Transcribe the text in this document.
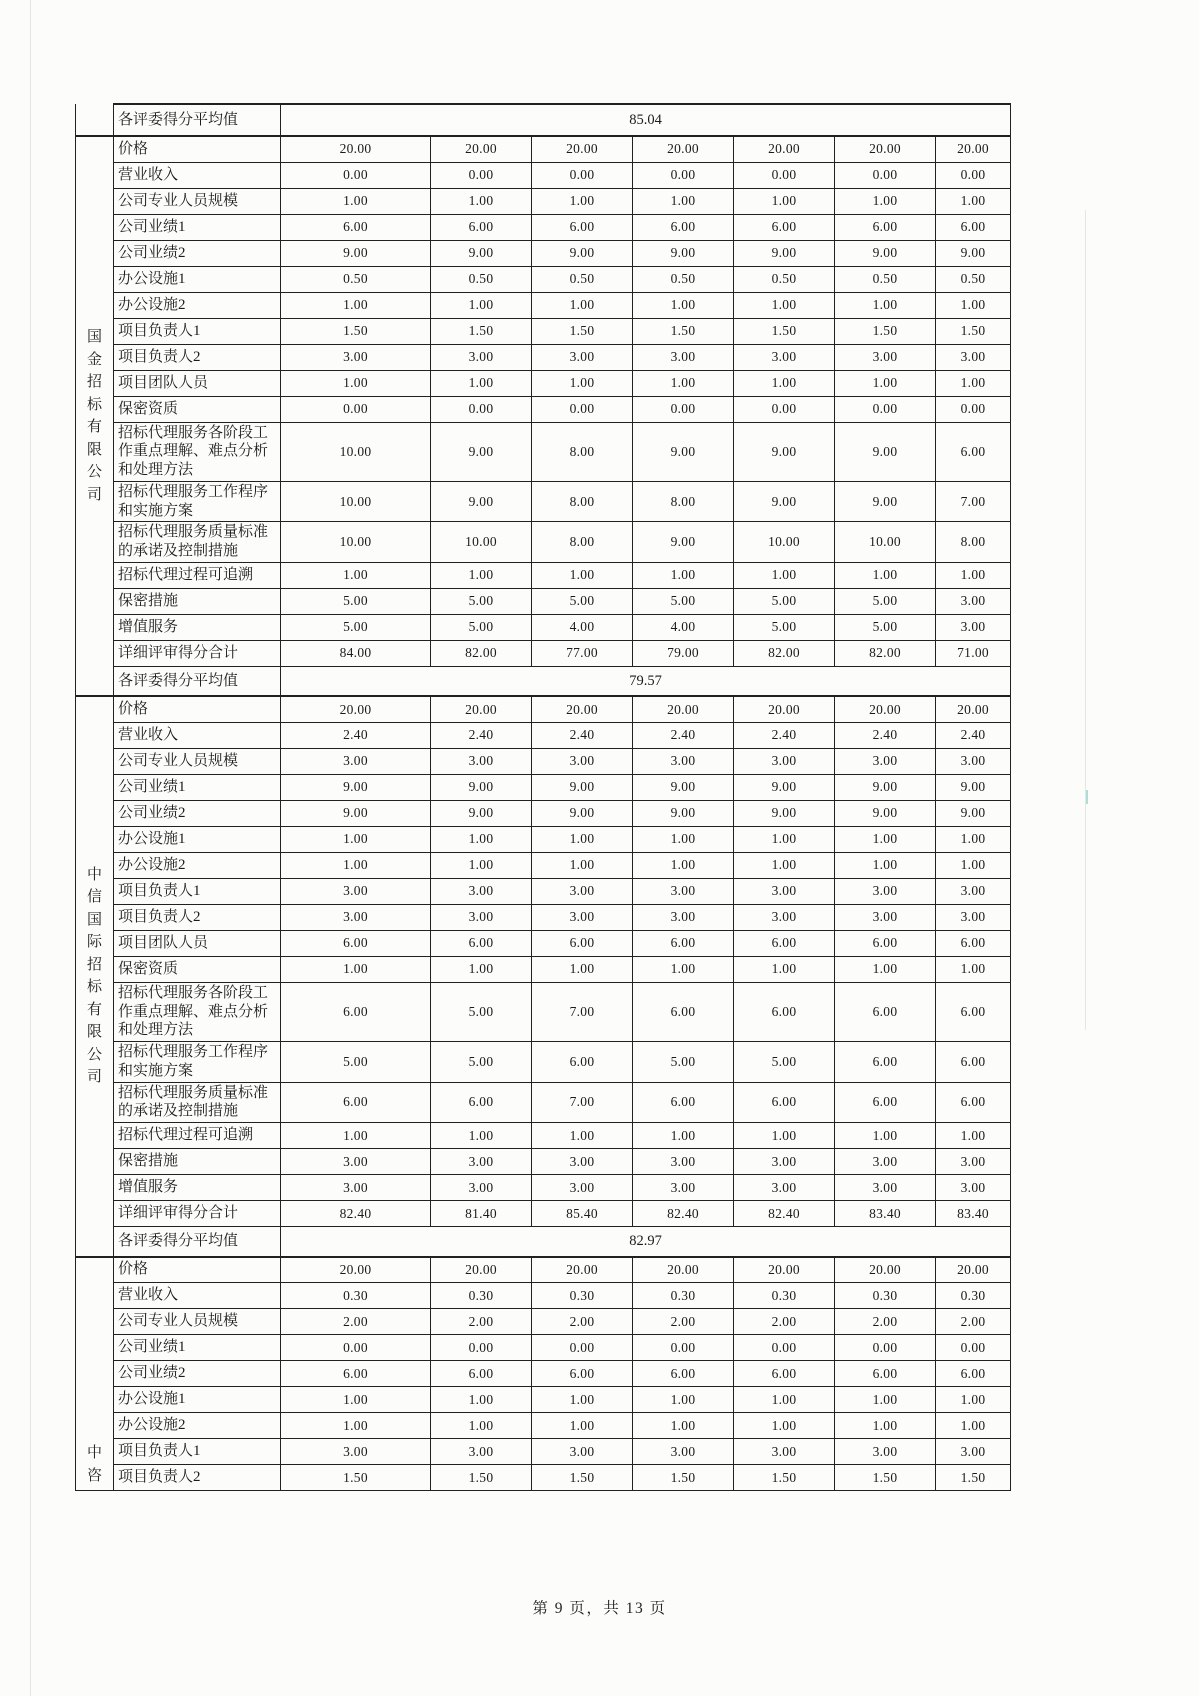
	各评委得分平均值	85.04						
国金招标有限公司	价格	20.00	20.00	20.00	20.00	20.00	20.00	20.00
	营业收入	0.00	0.00	0.00	0.00	0.00	0.00	0.00
	公司专业人员规模	1.00	1.00	1.00	1.00	1.00	1.00	1.00
	公司业绩1	6.00	6.00	6.00	6.00	6.00	6.00	6.00
	公司业绩2	9.00	9.00	9.00	9.00	9.00	9.00	9.00
	办公设施1	0.50	0.50	0.50	0.50	0.50	0.50	0.50
	办公设施2	1.00	1.00	1.00	1.00	1.00	1.00	1.00
	项目负责人1	1.50	1.50	1.50	1.50	1.50	1.50	1.50
	项目负责人2	3.00	3.00	3.00	3.00	3.00	3.00	3.00
	项目团队人员	1.00	1.00	1.00	1.00	1.00	1.00	1.00
	保密资质	0.00	0.00	0.00	0.00	0.00	0.00	0.00
	招标代理服务各阶段工作重点理解、难点分析和处理方法	10.00	9.00	8.00	9.00	9.00	9.00	6.00
	招标代理服务工作程序和实施方案	10.00	9.00	8.00	8.00	9.00	9.00	7.00
	招标代理服务质量标准的承诺及控制措施	10.00	10.00	8.00	9.00	10.00	10.00	8.00
	招标代理过程可追溯	1.00	1.00	1.00	1.00	1.00	1.00	1.00
	保密措施	5.00	5.00	5.00	5.00	5.00	5.00	3.00
	增值服务	5.00	5.00	4.00	4.00	5.00	5.00	3.00
	详细评审得分合计	84.00	82.00	77.00	79.00	82.00	82.00	71.00
	各评委得分平均值	79.57						
中信国际招标有限公司	价格	20.00	20.00	20.00	20.00	20.00	20.00	20.00
	营业收入	2.40	2.40	2.40	2.40	2.40	2.40	2.40
	公司专业人员规模	3.00	3.00	3.00	3.00	3.00	3.00	3.00
	公司业绩1	9.00	9.00	9.00	9.00	9.00	9.00	9.00
	公司业绩2	9.00	9.00	9.00	9.00	9.00	9.00	9.00
	办公设施1	1.00	1.00	1.00	1.00	1.00	1.00	1.00
	办公设施2	1.00	1.00	1.00	1.00	1.00	1.00	1.00
	项目负责人1	3.00	3.00	3.00	3.00	3.00	3.00	3.00
	项目负责人2	3.00	3.00	3.00	3.00	3.00	3.00	3.00
	项目团队人员	6.00	6.00	6.00	6.00	6.00	6.00	6.00
	保密资质	1.00	1.00	1.00	1.00	1.00	1.00	1.00
	招标代理服务各阶段工作重点理解、难点分析和处理方法	6.00	5.00	7.00	6.00	6.00	6.00	6.00
	招标代理服务工作程序和实施方案	5.00	5.00	6.00	5.00	5.00	6.00	6.00
	招标代理服务质量标准的承诺及控制措施	6.00	6.00	7.00	6.00	6.00	6.00	6.00
	招标代理过程可追溯	1.00	1.00	1.00	1.00	1.00	1.00	1.00
	保密措施	3.00	3.00	3.00	3.00	3.00	3.00	3.00
	增值服务	3.00	3.00	3.00	3.00	3.00	3.00	3.00
	详细评审得分合计	82.40	81.40	85.40	82.40	82.40	83.40	83.40
	各评委得分平均值	82.97						
中咨	价格	20.00	20.00	20.00	20.00	20.00	20.00	20.00
	营业收入	0.30	0.30	0.30	0.30	0.30	0.30	0.30
	公司专业人员规模	2.00	2.00	2.00	2.00	2.00	2.00	2.00
	公司业绩1	0.00	0.00	0.00	0.00	0.00	0.00	0.00
	公司业绩2	6.00	6.00	6.00	6.00	6.00	6.00	6.00
	办公设施1	1.00	1.00	1.00	1.00	1.00	1.00	1.00
	办公设施2	1.00	1.00	1.00	1.00	1.00	1.00	1.00
	项目负责人1	3.00	3.00	3.00	3.00	3.00	3.00	3.00
	项目负责人2	1.50	1.50	1.50	1.50	1.50	1.50	1.50
第 9 页，共 13 页
